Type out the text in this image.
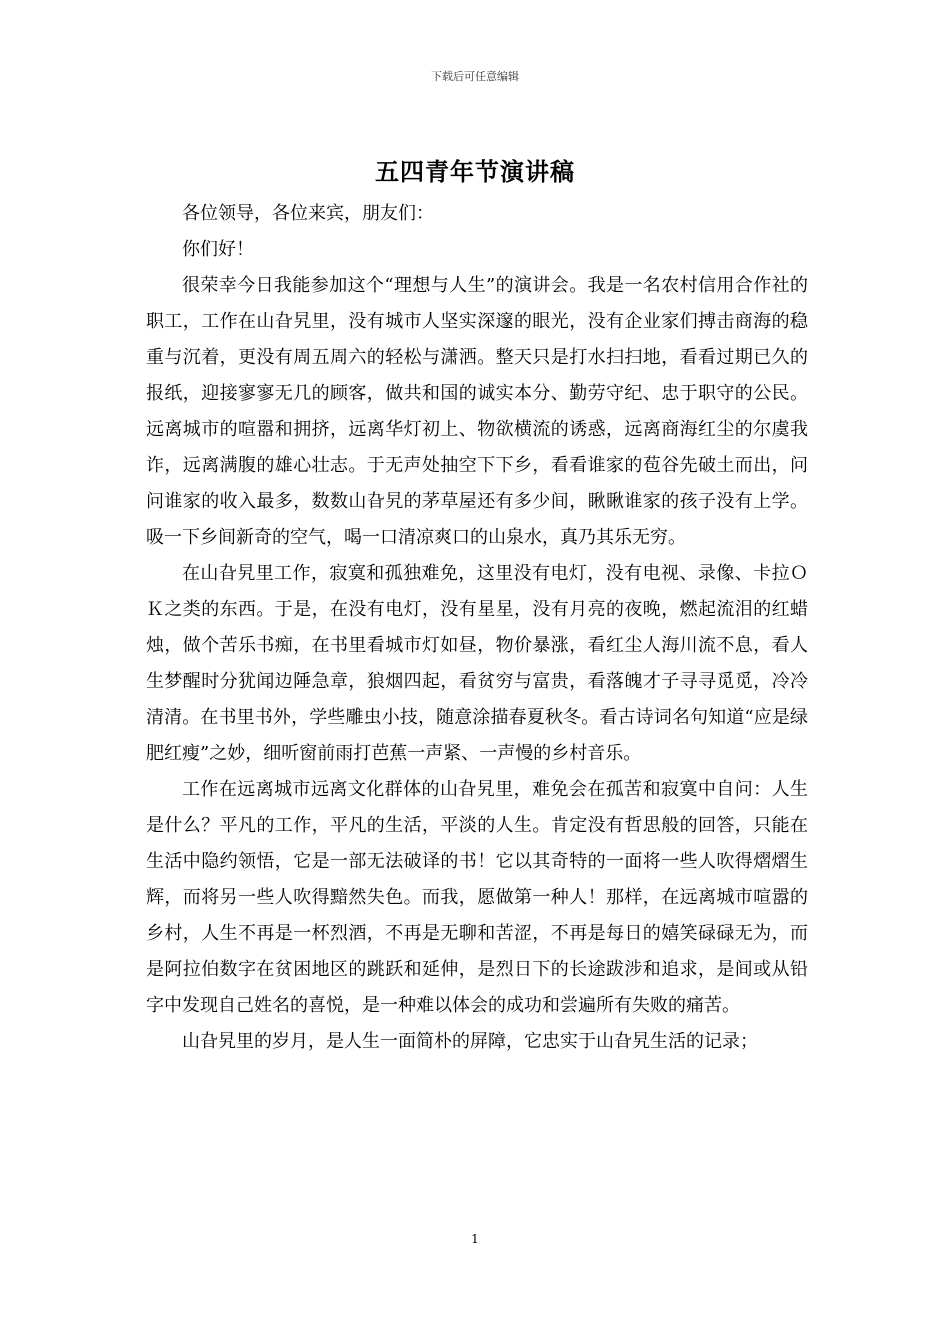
下载后可任意编辑
五四青年节演讲稿

各位领导，各位来宾，朋友们：

你们好！

很荣幸今日我能参加这个“理想与人生”的演讲会。我是一名农村信用合作社的职工，工作在山旮旯里，没有城市人坚实深邃的眼光，没有企业家们搏击商海的稳重与沉着，更没有周五周六的轻松与潇洒。整天只是打水扫扫地，看看过期已久的报纸，迎接寥寥无几的顾客，做共和国的诚实本分、勤劳守纪、忠于职守的公民。远离城市的喧嚣和拥挤，远离华灯初上、物欲横流的诱惑，远离商海红尘的尔虞我诈，远离满腹的雄心壮志。于无声处抽空下下乡，看看谁家的苞谷先破土而出，问问谁家的收入最多，数数山旮旯的茅草屋还有多少间，瞅瞅谁家的孩子没有上学。吸一下乡间新奇的空气，喝一口清凉爽口的山泉水，真乃其乐无穷。

在山旮旯里工作，寂寞和孤独难免，这里没有电灯，没有电视、录像、卡拉ＯＫ之类的东西。于是，在没有电灯，没有星星，没有月亮的夜晚，燃起流泪的红蜡烛，做个苦乐书痴，在书里看城市灯如昼，物价暴涨，看红尘人海川流不息，看人生梦醒时分犹闻边陲急章，狼烟四起，看贫穷与富贵，看落魄才子寻寻觅觅，冷冷清清。在书里书外，学些雕虫小技，随意涂描春夏秋冬。看古诗词名句知道“应是绿肥红瘦”之妙，细听窗前雨打芭蕉一声紧、一声慢的乡村音乐。

工作在远离城市远离文化群体的山旮旯里，难免会在孤苦和寂寞中自问：人生是什么？平凡的工作，平凡的生活，平淡的人生。肯定没有哲思般的回答，只能在生活中隐约领悟，它是一部无法破译的书！它以其奇特的一面将一些人吹得熠熠生辉，而将另一些人吹得黯然失色。而我，愿做第一种人！那样，在远离城市喧嚣的乡村，人生不再是一杯烈酒，不再是无聊和苦涩，不再是每日的嬉笑碌碌无为，而是阿拉伯数字在贫困地区的跳跃和延伸，是烈日下的长途跋涉和追求，是间或从铅字中发现自己姓名的喜悦，是一种难以体会的成功和尝遍所有失败的痛苦。

山旮旯里的岁月，是人生一面简朴的屏障，它忠实于山旮旯生活的记录；

1
